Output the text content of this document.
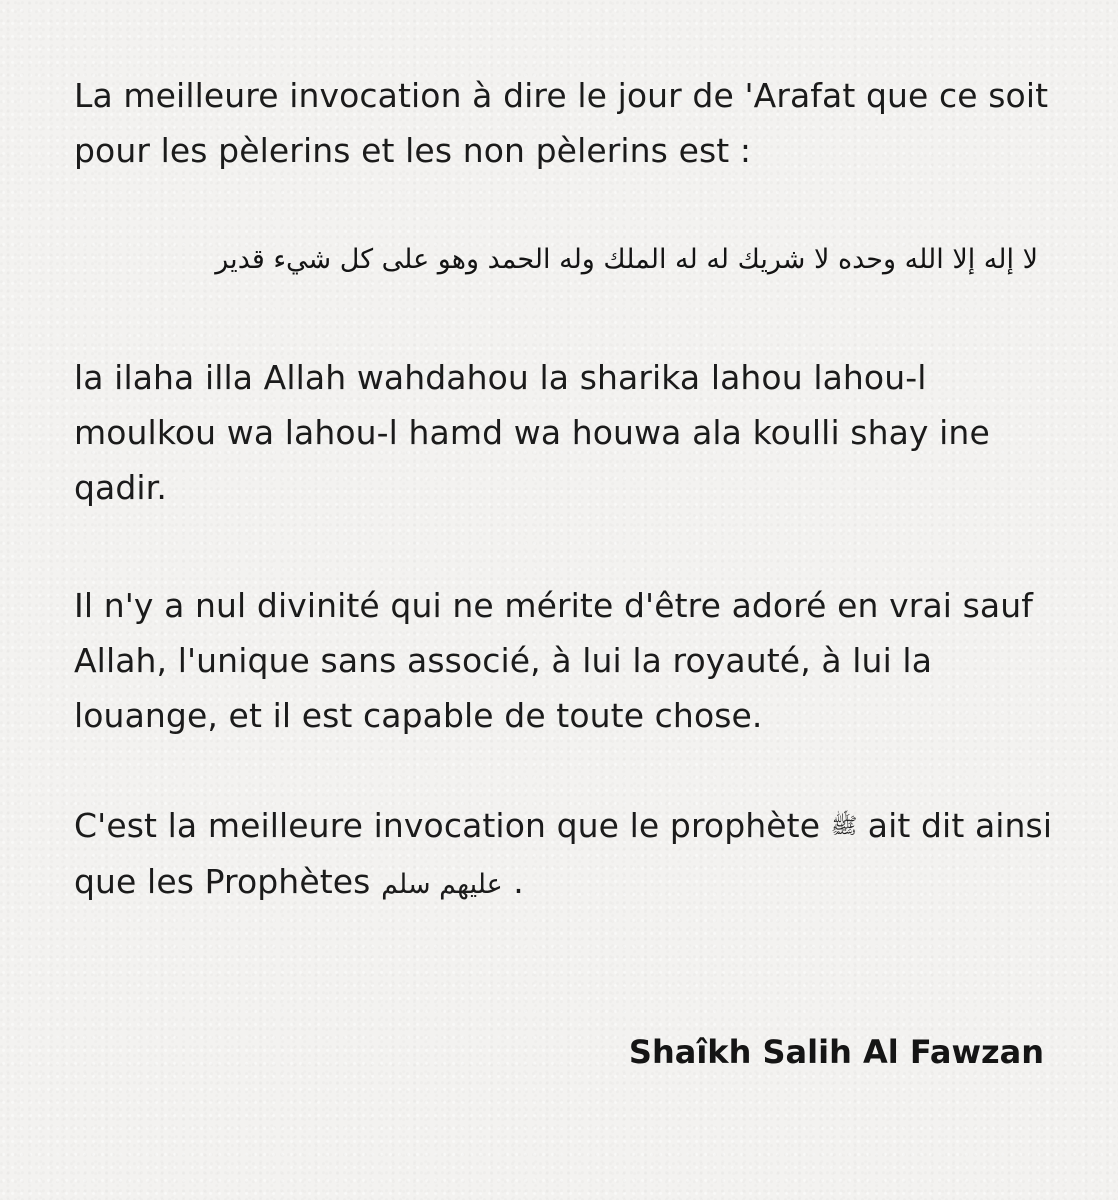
La meilleure invocation à dire le jour de 'Arafat que ce soit pour les pèlerins et les non pèlerins est :

لا إله إلا الله وحده لا شريك له له الملك وله الحمد وهو على كل شيء قدير

la ilaha illa Allah wahdahou la sharika lahou lahou-l moulkou wa lahou-l hamd wa houwa ala koulli shay ine qadir.

Il n'y a nul divinité qui ne mérite d'être adoré en vrai sauf Allah, l'unique sans associé, à lui la royauté, à lui la louange, et il est capable de toute chose.

C'est la meilleure invocation que le prophète ﷺ ait dit ainsi que les Prophètes عليهم سلم .

Shaîkh Salih Al Fawzan
